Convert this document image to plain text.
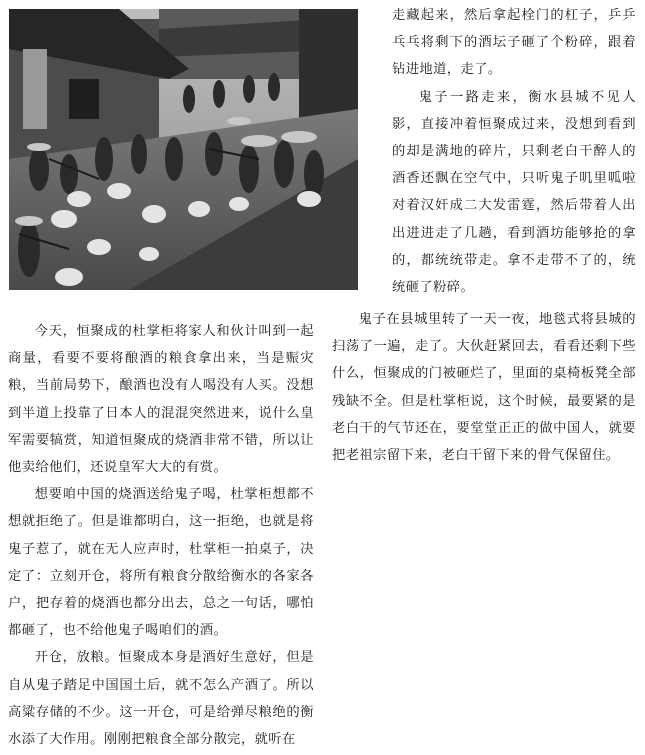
走藏起来，然后拿起栓门的杠子，乒乒乓乓将剩下的酒坛子砸了个粉碎，跟着钻进地道，走了。

鬼子一路走来，衡水县城不见人影，直接冲着恒聚成过来，没想到看到的却是满地的碎片，只剩老白干醉人的酒香还飘在空气中，只听鬼子叽里呱啦对着汉奸成二大发雷霆，然后带着人出出进进走了几趟，看到酒坊能够抢的拿的，都统统带走。拿不走带不了的，统统砸了粉碎。

鬼子在县城里转了一天一夜，地毯式将县城的扫荡了一遍，走了。大伙赶紧回去，看看还剩下些什么，恒聚成的门被砸烂了，里面的桌椅板凳全部残缺不全。但是杜掌柜说，这个时候，最要紧的是老白干的气节还在，要堂堂正正的做中国人，就要把老祖宗留下来，老白干留下来的骨气保留住。

今天，恒聚成的杜掌柜将家人和伙计叫到一起商量，看要不要将酿酒的粮食拿出来，当是赈灾粮，当前局势下，酿酒也没有人喝没有人买。没想到半道上投靠了日本人的混混突然进来，说什么皇军需要犒赏，知道恒聚成的烧酒非常不错，所以让他卖给他们，还说皇军大大的有赏。

想要咱中国的烧酒送给鬼子喝，杜掌柜想都不想就拒绝了。但是谁都明白，这一拒绝，也就是将鬼子惹了，就在无人应声时，杜掌柜一拍桌子，决定了：立刻开仓，将所有粮食分散给衡水的各家各户，把存着的烧酒也都分出去，总之一句话，哪怕都砸了，也不给他鬼子喝咱们的酒。

开仓，放粮。恒聚成本身是酒好生意好，但是自从鬼子踏足中国国土后，就不怎么产酒了。所以高粱存储的不少。这一开仓，可是给弹尽粮绝的衡水添了大作用。刚刚把粮食全部分散完，就听在
